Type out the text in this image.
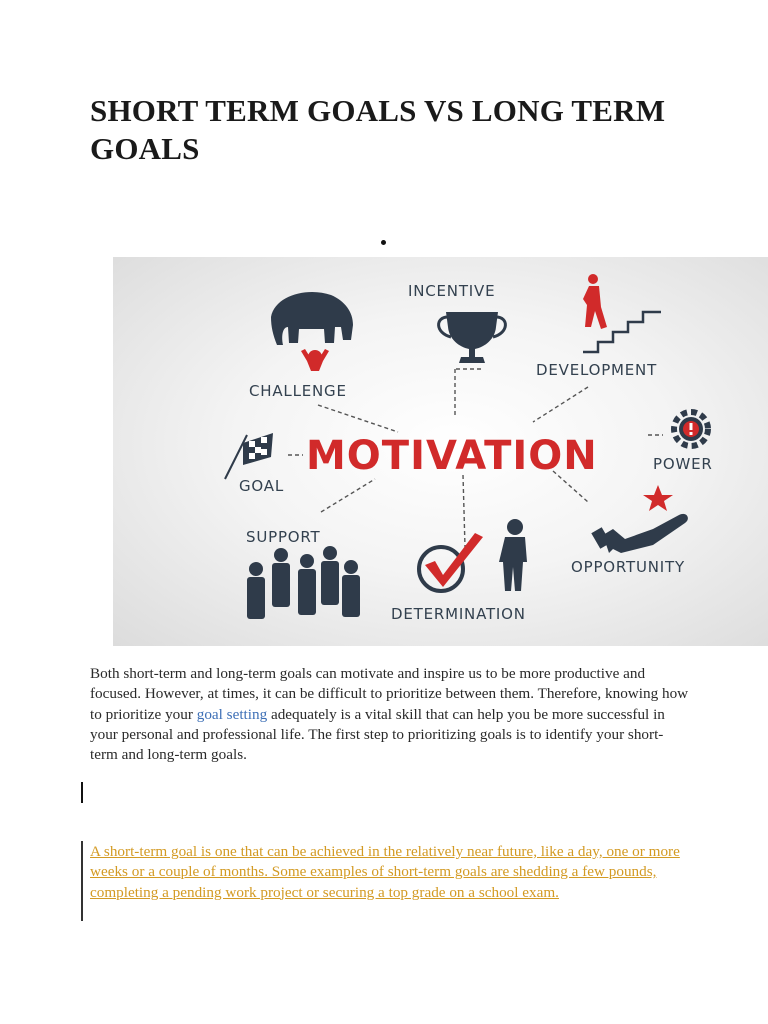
SHORT TERM GOALS VS LONG TERM GOALS
CHALLENGE
INCENTIVE
DEVELOPMENT
MOTIVATION
GOAL
POWER
SUPPORT
DETERMINATION
OPPORTUNITY

Both short-term and long-term goals can motivate and inspire us to be more productive and focused. However, at times, it can be difficult to prioritize between them. Therefore, knowing how to prioritize your goal setting adequately is a vital skill that can help you be more successful in your personal and professional life. The first step to prioritizing goals is to identify your short-term and long-term goals.

A short-term goal is one that can be achieved in the relatively near future, like a day, one or more weeks or a couple of months. Some examples of short-term goals are shedding a few pounds, completing a pending work project or securing a top grade on a school exam.
